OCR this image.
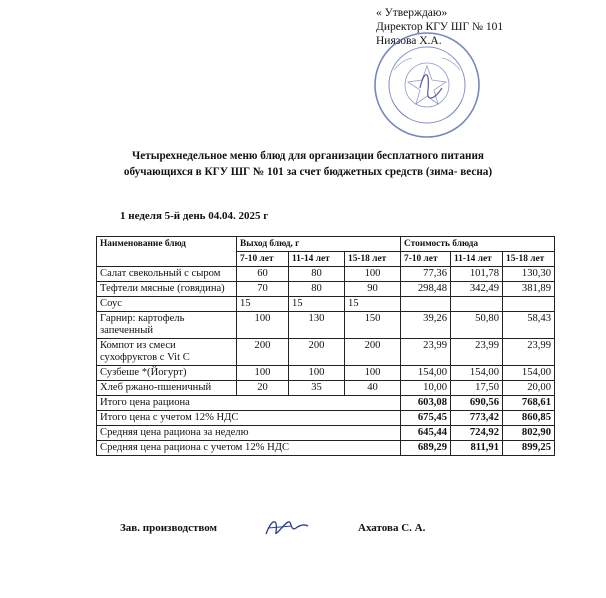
« Утверждаю»
Директор КГУ ШГ № 101
Ниязова Х.А.
Четырехнедельное меню блюд для организации бесплатного питания
обучающихся в КГУ ШГ № 101 за счет бюджетных средств (зима- весна)
1 неделя 5-й день 04.04. 2025 г
Наименование блюд	Выход блюд, г			Стоимость блюда		
	7-10 лет	11-14 лет	15-18 лет	7-10 лет	11-14 лет	15-18 лет
Салат свекольный с сыром	60	80	100	77,36	101,78	130,30
Тефтели мясные (говядина)	70	80	90	298,48	342,49	381,89
Соус	15	15	15			
Гарнир: картофель запеченный	100	130	150	39,26	50,80	58,43
Компот из смеси сухофруктов с Vit C	200	200	200	23,99	23,99	23,99
Сузбеше *(Йогурт)	100	100	100	154,00	154,00	154,00
Хлеб ржано-пшеничный	20	35	40	10,00	17,50	20,00
Итого цена рациона				603,08	690,56	768,61
Итого цена с учетом 12% НДС				675,45	773,42	860,85
Средняя цена рациона за неделю				645,44	724,92	802,90
Средняя цена рациона с учетом 12% НДС				689,29	811,91	899,25
Зав. производством	Ахатова С. А.
